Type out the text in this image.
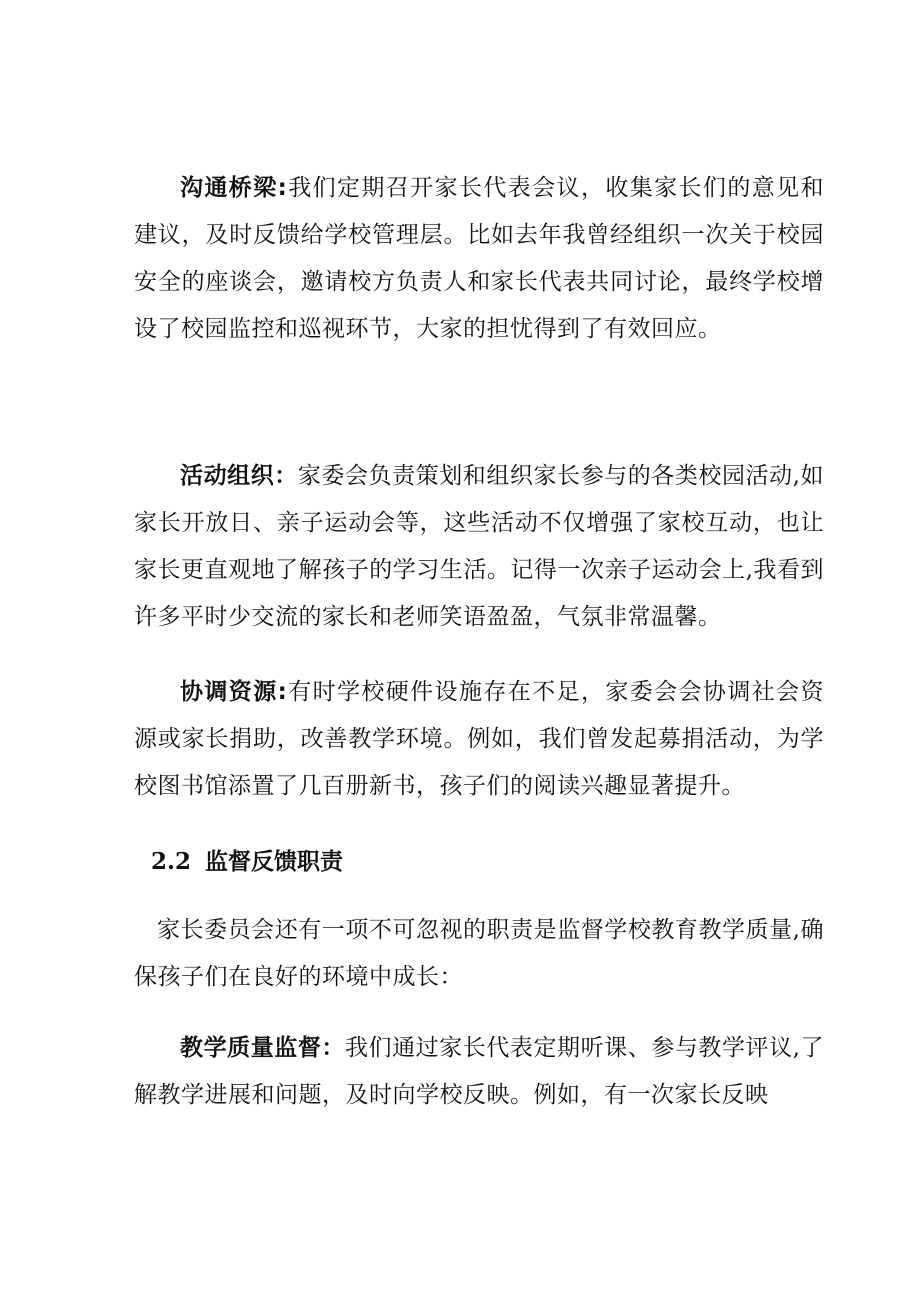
沟通桥梁:我们定期召开家长代表会议，收集家长们的意见和建议，及时反馈给学校管理层。比如去年我曾经组织一次关于校园安全的座谈会，邀请校方负责人和家长代表共同讨论，最终学校增设了校园监控和巡视环节，大家的担忧得到了有效回应。

活动组织：家委会负责策划和组织家长参与的各类校园活动,如家长开放日、亲子运动会等，这些活动不仅增强了家校互动，也让家长更直观地了解孩子的学习生活。记得一次亲子运动会上,我看到许多平时少交流的家长和老师笑语盈盈，气氛非常温馨。

协调资源:有时学校硬件设施存在不足，家委会会协调社会资源或家长捐助，改善教学环境。例如，我们曾发起募捐活动，为学校图书馆添置了几百册新书，孩子们的阅读兴趣显著提升。

2.2 监督反馈职责

家长委员会还有一项不可忽视的职责是监督学校教育教学质量,确保孩子们在良好的环境中成长：

教学质量监督：我们通过家长代表定期听课、参与教学评议,了解教学进展和问题，及时向学校反映。例如，有一次家长反映
